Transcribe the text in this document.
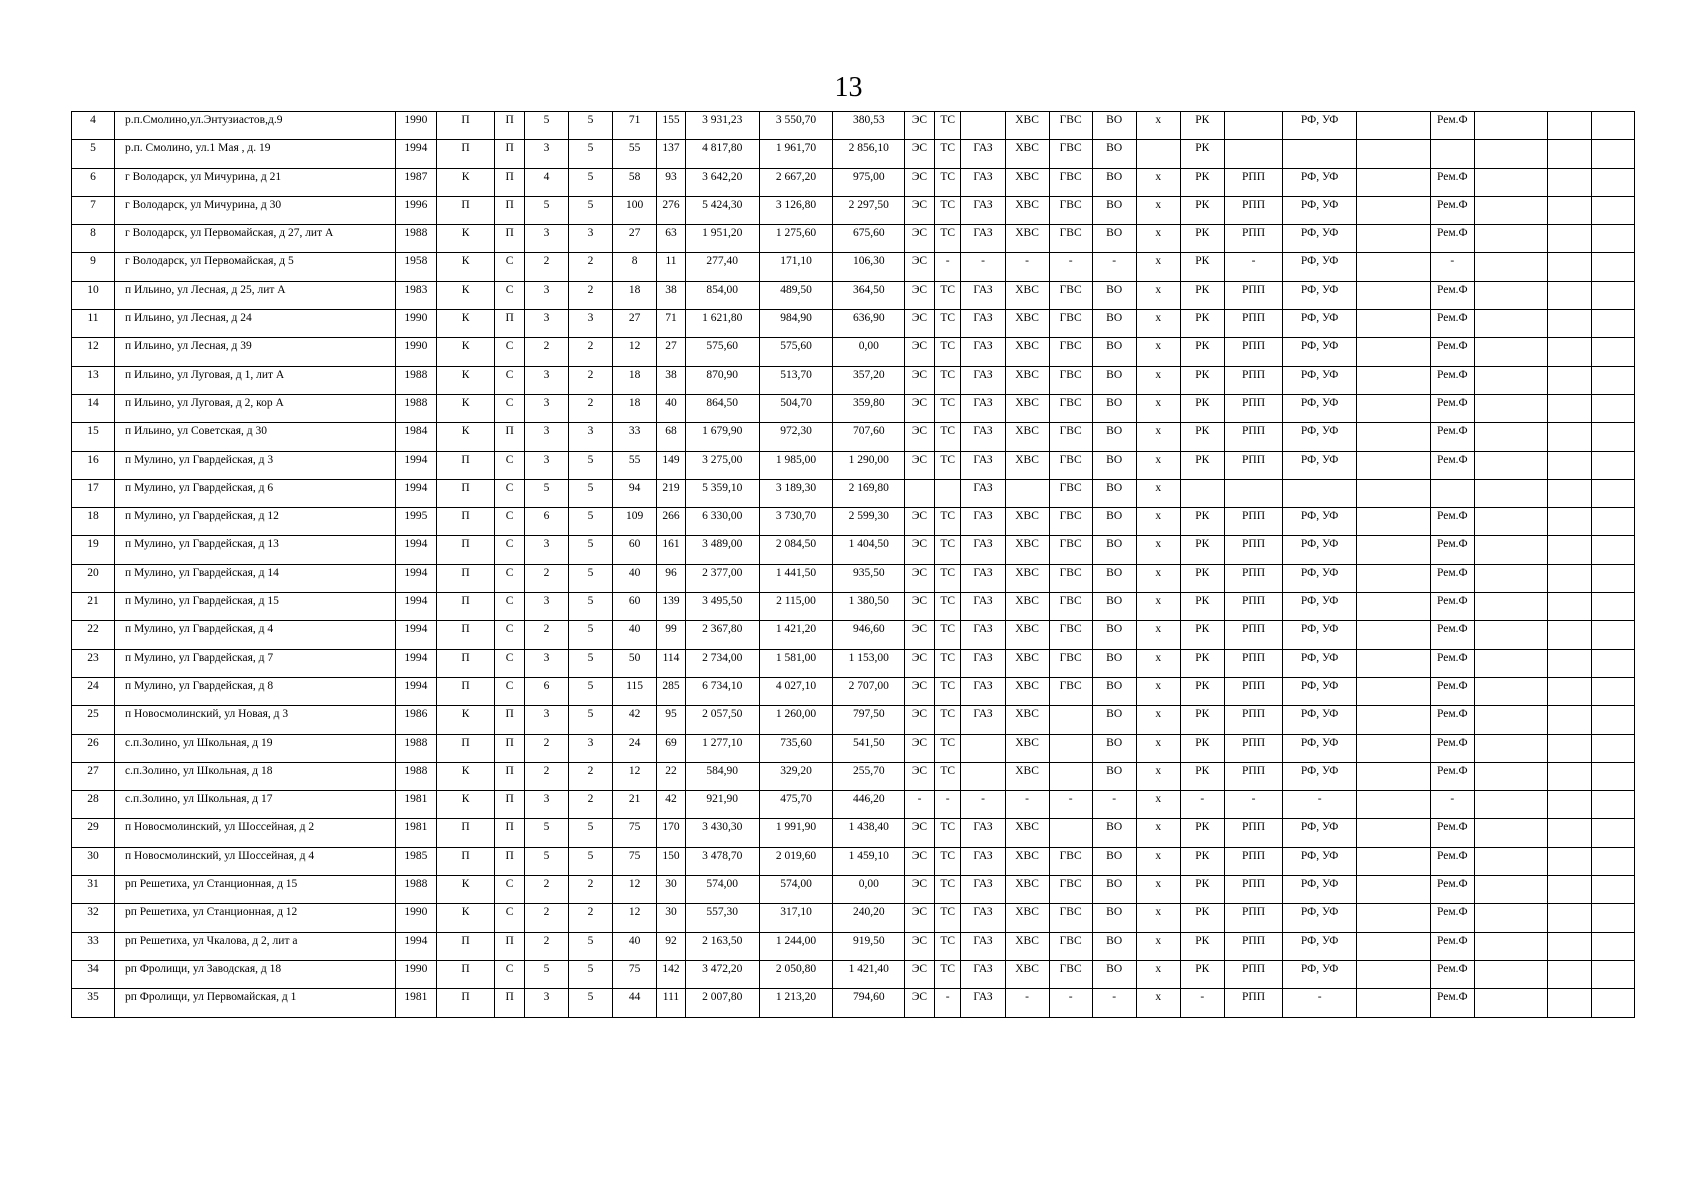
13
4	р.п.Смолино,ул.Энтузиастов,д.9	1990	П	П	5	5	71	155	3 931,23	3 550,70	380,53	ЭС	ТС		ХВС	ГВС	ВО	х	РК		РФ, УФ		Рем.Ф			
5	р.п. Смолино, ул.1 Мая , д. 19	1994	П	П	3	5	55	137	4 817,80	1 961,70	2 856,10	ЭС	ТС	ГАЗ	ХВС	ГВС	ВО		РК							
6	г Володарск, ул Мичурина, д 21	1987	К	П	4	5	58	93	3 642,20	2 667,20	975,00	ЭС	ТС	ГАЗ	ХВС	ГВС	ВО	х	РК	РПП	РФ, УФ		Рем.Ф			
7	г Володарск, ул Мичурина, д 30	1996	П	П	5	5	100	276	5 424,30	3 126,80	2 297,50	ЭС	ТС	ГАЗ	ХВС	ГВС	ВО	х	РК	РПП	РФ, УФ		Рем.Ф			
8	г Володарск, ул Первомайская, д 27, лит А	1988	К	П	3	3	27	63	1 951,20	1 275,60	675,60	ЭС	ТС	ГАЗ	ХВС	ГВС	ВО	х	РК	РПП	РФ, УФ		Рем.Ф			
9	г Володарск, ул Первомайская, д 5	1958	К	С	2	2	8	11	277,40	171,10	106,30	ЭС	-	-	-	-	-	х	РК	-	РФ, УФ		-			
10	п Ильино, ул Лесная, д 25, лит А	1983	К	С	3	2	18	38	854,00	489,50	364,50	ЭС	ТС	ГАЗ	ХВС	ГВС	ВО	х	РК	РПП	РФ, УФ		Рем.Ф			
11	п Ильино, ул Лесная, д 24	1990	К	П	3	3	27	71	1 621,80	984,90	636,90	ЭС	ТС	ГАЗ	ХВС	ГВС	ВО	х	РК	РПП	РФ, УФ		Рем.Ф			
12	п Ильино, ул Лесная, д 39	1990	К	С	2	2	12	27	575,60	575,60	0,00	ЭС	ТС	ГАЗ	ХВС	ГВС	ВО	х	РК	РПП	РФ, УФ		Рем.Ф			
13	п Ильино, ул Луговая, д 1, лит А	1988	К	С	3	2	18	38	870,90	513,70	357,20	ЭС	ТС	ГАЗ	ХВС	ГВС	ВО	х	РК	РПП	РФ, УФ		Рем.Ф			
14	п Ильино, ул Луговая, д 2, кор А	1988	К	С	3	2	18	40	864,50	504,70	359,80	ЭС	ТС	ГАЗ	ХВС	ГВС	ВО	х	РК	РПП	РФ, УФ		Рем.Ф			
15	п Ильино, ул Советская, д 30	1984	К	П	3	3	33	68	1 679,90	972,30	707,60	ЭС	ТС	ГАЗ	ХВС	ГВС	ВО	х	РК	РПП	РФ, УФ		Рем.Ф			
16	п Мулино, ул Гвардейская, д 3	1994	П	С	3	5	55	149	3 275,00	1 985,00	1 290,00	ЭС	ТС	ГАЗ	ХВС	ГВС	ВО	х	РК	РПП	РФ, УФ		Рем.Ф			
17	п Мулино, ул Гвардейская, д 6	1994	П	С	5	5	94	219	5 359,10	3 189,30	2 169,80			ГАЗ		ГВС	ВО	х								
18	п Мулино, ул Гвардейская, д 12	1995	П	С	6	5	109	266	6 330,00	3 730,70	2 599,30	ЭС	ТС	ГАЗ	ХВС	ГВС	ВО	х	РК	РПП	РФ, УФ		Рем.Ф			
19	п Мулино, ул Гвардейская, д 13	1994	П	С	3	5	60	161	3 489,00	2 084,50	1 404,50	ЭС	ТС	ГАЗ	ХВС	ГВС	ВО	х	РК	РПП	РФ, УФ		Рем.Ф			
20	п Мулино, ул Гвардейская, д 14	1994	П	С	2	5	40	96	2 377,00	1 441,50	935,50	ЭС	ТС	ГАЗ	ХВС	ГВС	ВО	х	РК	РПП	РФ, УФ		Рем.Ф			
21	п Мулино, ул Гвардейская, д 15	1994	П	С	3	5	60	139	3 495,50	2 115,00	1 380,50	ЭС	ТС	ГАЗ	ХВС	ГВС	ВО	х	РК	РПП	РФ, УФ		Рем.Ф			
22	п Мулино, ул Гвардейская, д 4	1994	П	С	2	5	40	99	2 367,80	1 421,20	946,60	ЭС	ТС	ГАЗ	ХВС	ГВС	ВО	х	РК	РПП	РФ, УФ		Рем.Ф			
23	п Мулино, ул Гвардейская, д 7	1994	П	С	3	5	50	114	2 734,00	1 581,00	1 153,00	ЭС	ТС	ГАЗ	ХВС	ГВС	ВО	х	РК	РПП	РФ, УФ		Рем.Ф			
24	п Мулино, ул Гвардейская, д 8	1994	П	С	6	5	115	285	6 734,10	4 027,10	2 707,00	ЭС	ТС	ГАЗ	ХВС	ГВС	ВО	х	РК	РПП	РФ, УФ		Рем.Ф			
25	п Новосмолинский, ул Новая, д 3	1986	К	П	3	5	42	95	2 057,50	1 260,00	797,50	ЭС	ТС	ГАЗ	ХВС		ВО	х	РК	РПП	РФ, УФ		Рем.Ф			
26	с.п.Золино, ул Школьная, д 19	1988	П	П	2	3	24	69	1 277,10	735,60	541,50	ЭС	ТС		ХВС		ВО	х	РК	РПП	РФ, УФ		Рем.Ф			
27	с.п.Золино, ул Школьная, д 18	1988	К	П	2	2	12	22	584,90	329,20	255,70	ЭС	ТС		ХВС		ВО	х	РК	РПП	РФ, УФ		Рем.Ф			
28	с.п.Золино, ул Школьная, д 17	1981	К	П	3	2	21	42	921,90	475,70	446,20	-	-	-	-	-	-	х	-	-	-		-			
29	п Новосмолинский, ул Шоссейная, д 2	1981	П	П	5	5	75	170	3 430,30	1 991,90	1 438,40	ЭС	ТС	ГАЗ	ХВС		ВО	х	РК	РПП	РФ, УФ		Рем.Ф			
30	п Новосмолинский, ул Шоссейная, д 4	1985	П	П	5	5	75	150	3 478,70	2 019,60	1 459,10	ЭС	ТС	ГАЗ	ХВС	ГВС	ВО	х	РК	РПП	РФ, УФ		Рем.Ф			
31	рп Решетиха, ул Станционная, д 15	1988	К	С	2	2	12	30	574,00	574,00	0,00	ЭС	ТС	ГАЗ	ХВС	ГВС	ВО	х	РК	РПП	РФ, УФ		Рем.Ф			
32	рп Решетиха, ул Станционная, д 12	1990	К	С	2	2	12	30	557,30	317,10	240,20	ЭС	ТС	ГАЗ	ХВС	ГВС	ВО	х	РК	РПП	РФ, УФ		Рем.Ф			
33	рп Решетиха, ул Чкалова, д 2, лит а	1994	П	П	2	5	40	92	2 163,50	1 244,00	919,50	ЭС	ТС	ГАЗ	ХВС	ГВС	ВО	х	РК	РПП	РФ, УФ		Рем.Ф			
34	рп Фролищи, ул Заводская, д 18	1990	П	С	5	5	75	142	3 472,20	2 050,80	1 421,40	ЭС	ТС	ГАЗ	ХВС	ГВС	ВО	х	РК	РПП	РФ, УФ		Рем.Ф			
35	рп Фролищи, ул Первомайская, д 1	1981	П	П	3	5	44	111	2 007,80	1 213,20	794,60	ЭС	-	ГАЗ	-	-	-	х	-	РПП	-		Рем.Ф			
